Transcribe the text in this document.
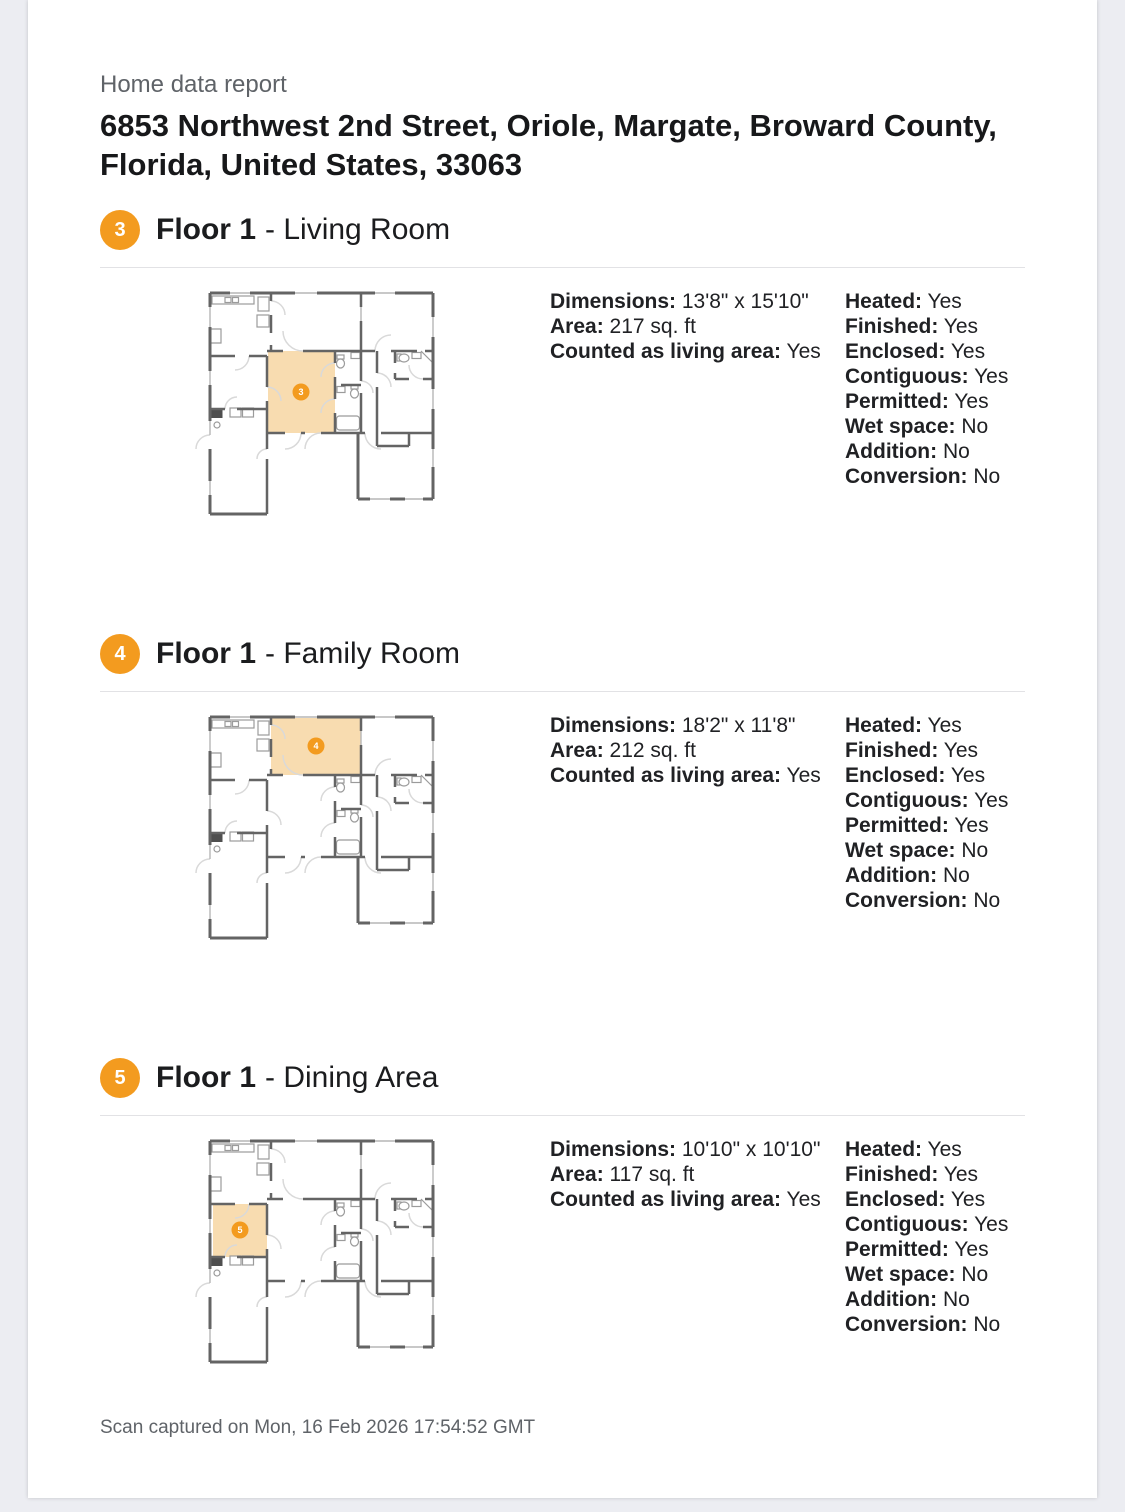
Home data report
6853 Northwest 2nd Street, Oriole, Margate, Broward County,
Florida, United States, 33063
3 Floor 1 - Living Room
3
Dimensions: 13'8" x 15'10"
Area: 217 sq. ft
Counted as living area: Yes
Heated: Yes
Finished: Yes
Enclosed: Yes
Contiguous: Yes
Permitted: Yes
Wet space: No
Addition: No
Conversion: No
4 Floor 1 - Family Room
4
Dimensions: 18'2" x 11'8"
Area: 212 sq. ft
Counted as living area: Yes
Heated: Yes
Finished: Yes
Enclosed: Yes
Contiguous: Yes
Permitted: Yes
Wet space: No
Addition: No
Conversion: No
5 Floor 1 - Dining Area
5
Dimensions: 10'10" x 10'10"
Area: 117 sq. ft
Counted as living area: Yes
Heated: Yes
Finished: Yes
Enclosed: Yes
Contiguous: Yes
Permitted: Yes
Wet space: No
Addition: No
Conversion: No
Scan captured on Mon, 16 Feb 2026 17:54:52 GMT
